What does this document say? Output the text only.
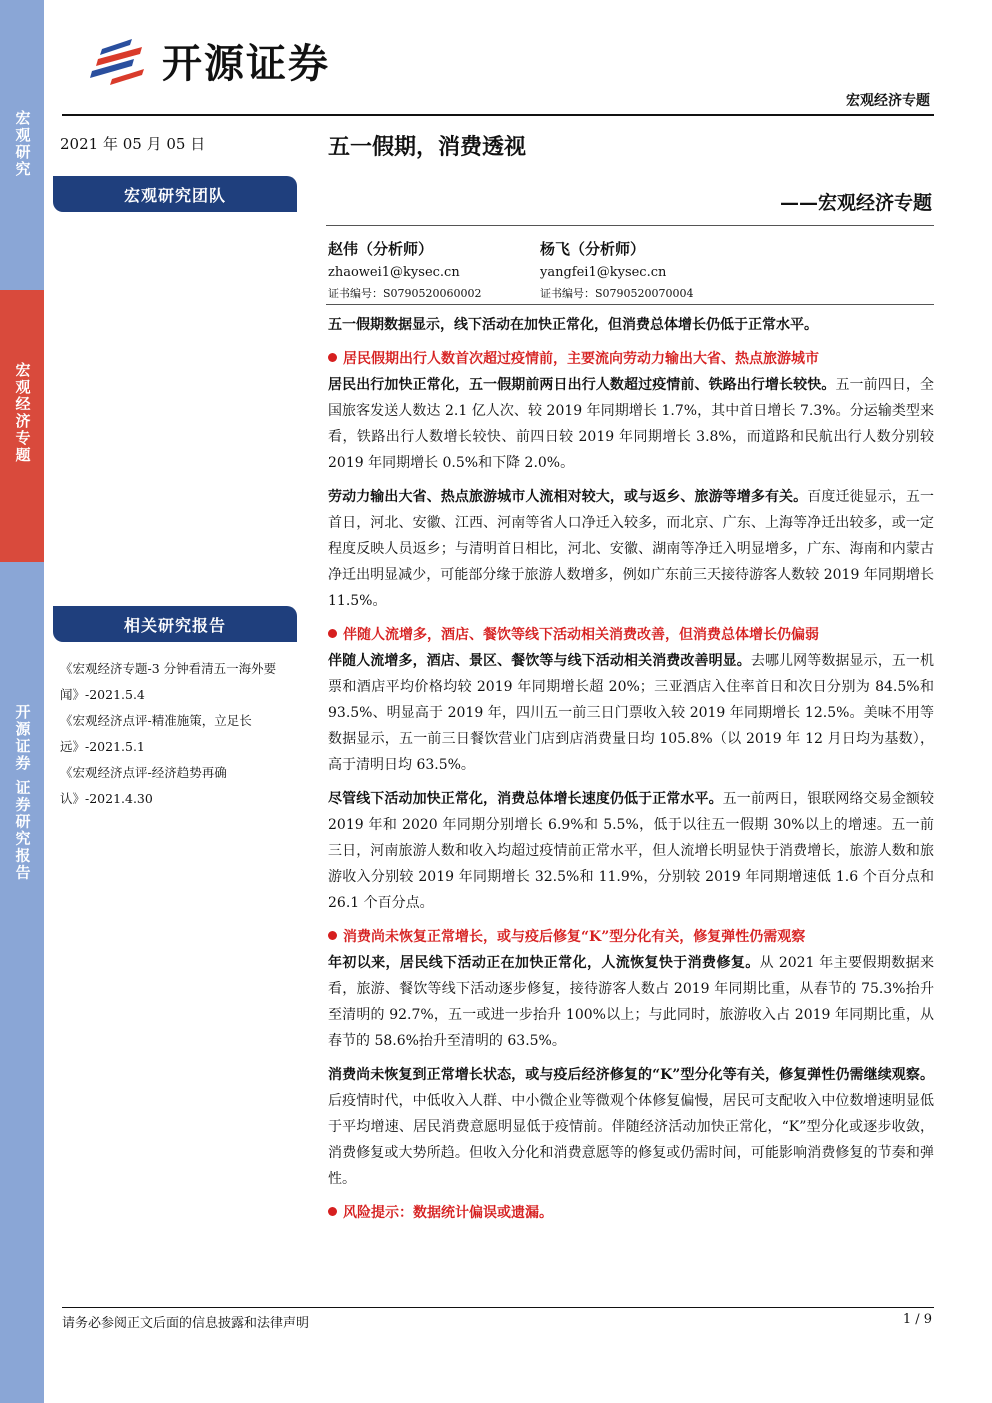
宏观研究
宏观经济专题
开源证券 证券研究报告
开源证券
宏观经济专题
2021 年 05 月 05 日	五一假期，消费透视
——宏观经济专题
宏观研究团队
赵伟（分析师）
zhaowei1@kysec.cn
证书编号：S0790520060002
杨飞（分析师）
yangfei1@kysec.cn
证书编号：S0790520070004
相关研究报告
《宏观经济专题-3 分钟看清五一海外要闻》-2021.5.4
《宏观经济点评-精准施策，立足长远》-2021.5.1
《宏观经济点评-经济趋势再确认》-2021.4.30

五一假期数据显示，线下活动在加快正常化，但消费总体增长仍低于正常水平。

居民假期出行人数首次超过疫情前，主要流向劳动力输出大省、热点旅游城市

居民出行加快正常化，五一假期前两日出行人数超过疫情前、铁路出行增长较快。五一前四日，全国旅客发送人数达 2.1 亿人次、较 2019 年同期增长 1.7%，其中首日增长 7.3%。分运输类型来看，铁路出行人数增长较快、前四日较 2019 年同期增长 3.8%，而道路和民航出行人数分别较 2019 年同期增长 0.5%和下降 2.0%。

劳动力输出大省、热点旅游城市人流相对较大，或与返乡、旅游等增多有关。百度迁徙显示，五一首日，河北、安徽、江西、河南等省人口净迁入较多，而北京、广东、上海等净迁出较多，或一定程度反映人员返乡；与清明首日相比，河北、安徽、湖南等净迁入明显增多，广东、海南和内蒙古净迁出明显减少，可能部分缘于旅游人数增多，例如广东前三天接待游客人数较 2019 年同期增长 11.5%。

伴随人流增多，酒店、餐饮等线下活动相关消费改善，但消费总体增长仍偏弱

伴随人流增多，酒店、景区、餐饮等与线下活动相关消费改善明显。去哪儿网等数据显示，五一机票和酒店平均价格均较 2019 年同期增长超 20%；三亚酒店入住率首日和次日分别为 84.5%和 93.5%、明显高于 2019 年，四川五一前三日门票收入较 2019 年同期增长 12.5%。美味不用等数据显示，五一前三日餐饮营业门店到店消费量日均 105.8%（以 2019 年 12 月日均为基数），高于清明日均 63.5%。

尽管线下活动加快正常化，消费总体增长速度仍低于正常水平。五一前两日，银联网络交易金额较 2019 年和 2020 年同期分别增长 6.9%和 5.5%，低于以往五一假期 30%以上的增速。五一前三日，河南旅游人数和收入均超过疫情前正常水平，但人流增长明显快于消费增长，旅游人数和旅游收入分别较 2019 年同期增长 32.5%和 11.9%，分别较 2019 年同期增速低 1.6 个百分点和 26.1 个百分点。

消费尚未恢复正常增长，或与疫后修复“K”型分化有关，修复弹性仍需观察

年初以来，居民线下活动正在加快正常化，人流恢复快于消费修复。从 2021 年主要假期数据来看，旅游、餐饮等线下活动逐步修复，接待游客人数占 2019 年同期比重，从春节的 75.3%抬升至清明的 92.7%，五一或进一步抬升 100%以上；与此同时，旅游收入占 2019 年同期比重，从春节的 58.6%抬升至清明的 63.5%。

消费尚未恢复到正常增长状态，或与疫后经济修复的“K”型分化等有关，修复弹性仍需继续观察。后疫情时代，中低收入人群、中小微企业等微观个体修复偏慢，居民可支配收入中位数增速明显低于平均增速、居民消费意愿明显低于疫情前。伴随经济活动加快正常化，“K”型分化或逐步收敛，消费修复或大势所趋。但收入分化和消费意愿等的修复或仍需时间，可能影响消费修复的节奏和弹性。

风险提示：数据统计偏误或遗漏。

请务必参阅正文后面的信息披露和法律声明	1 / 9
